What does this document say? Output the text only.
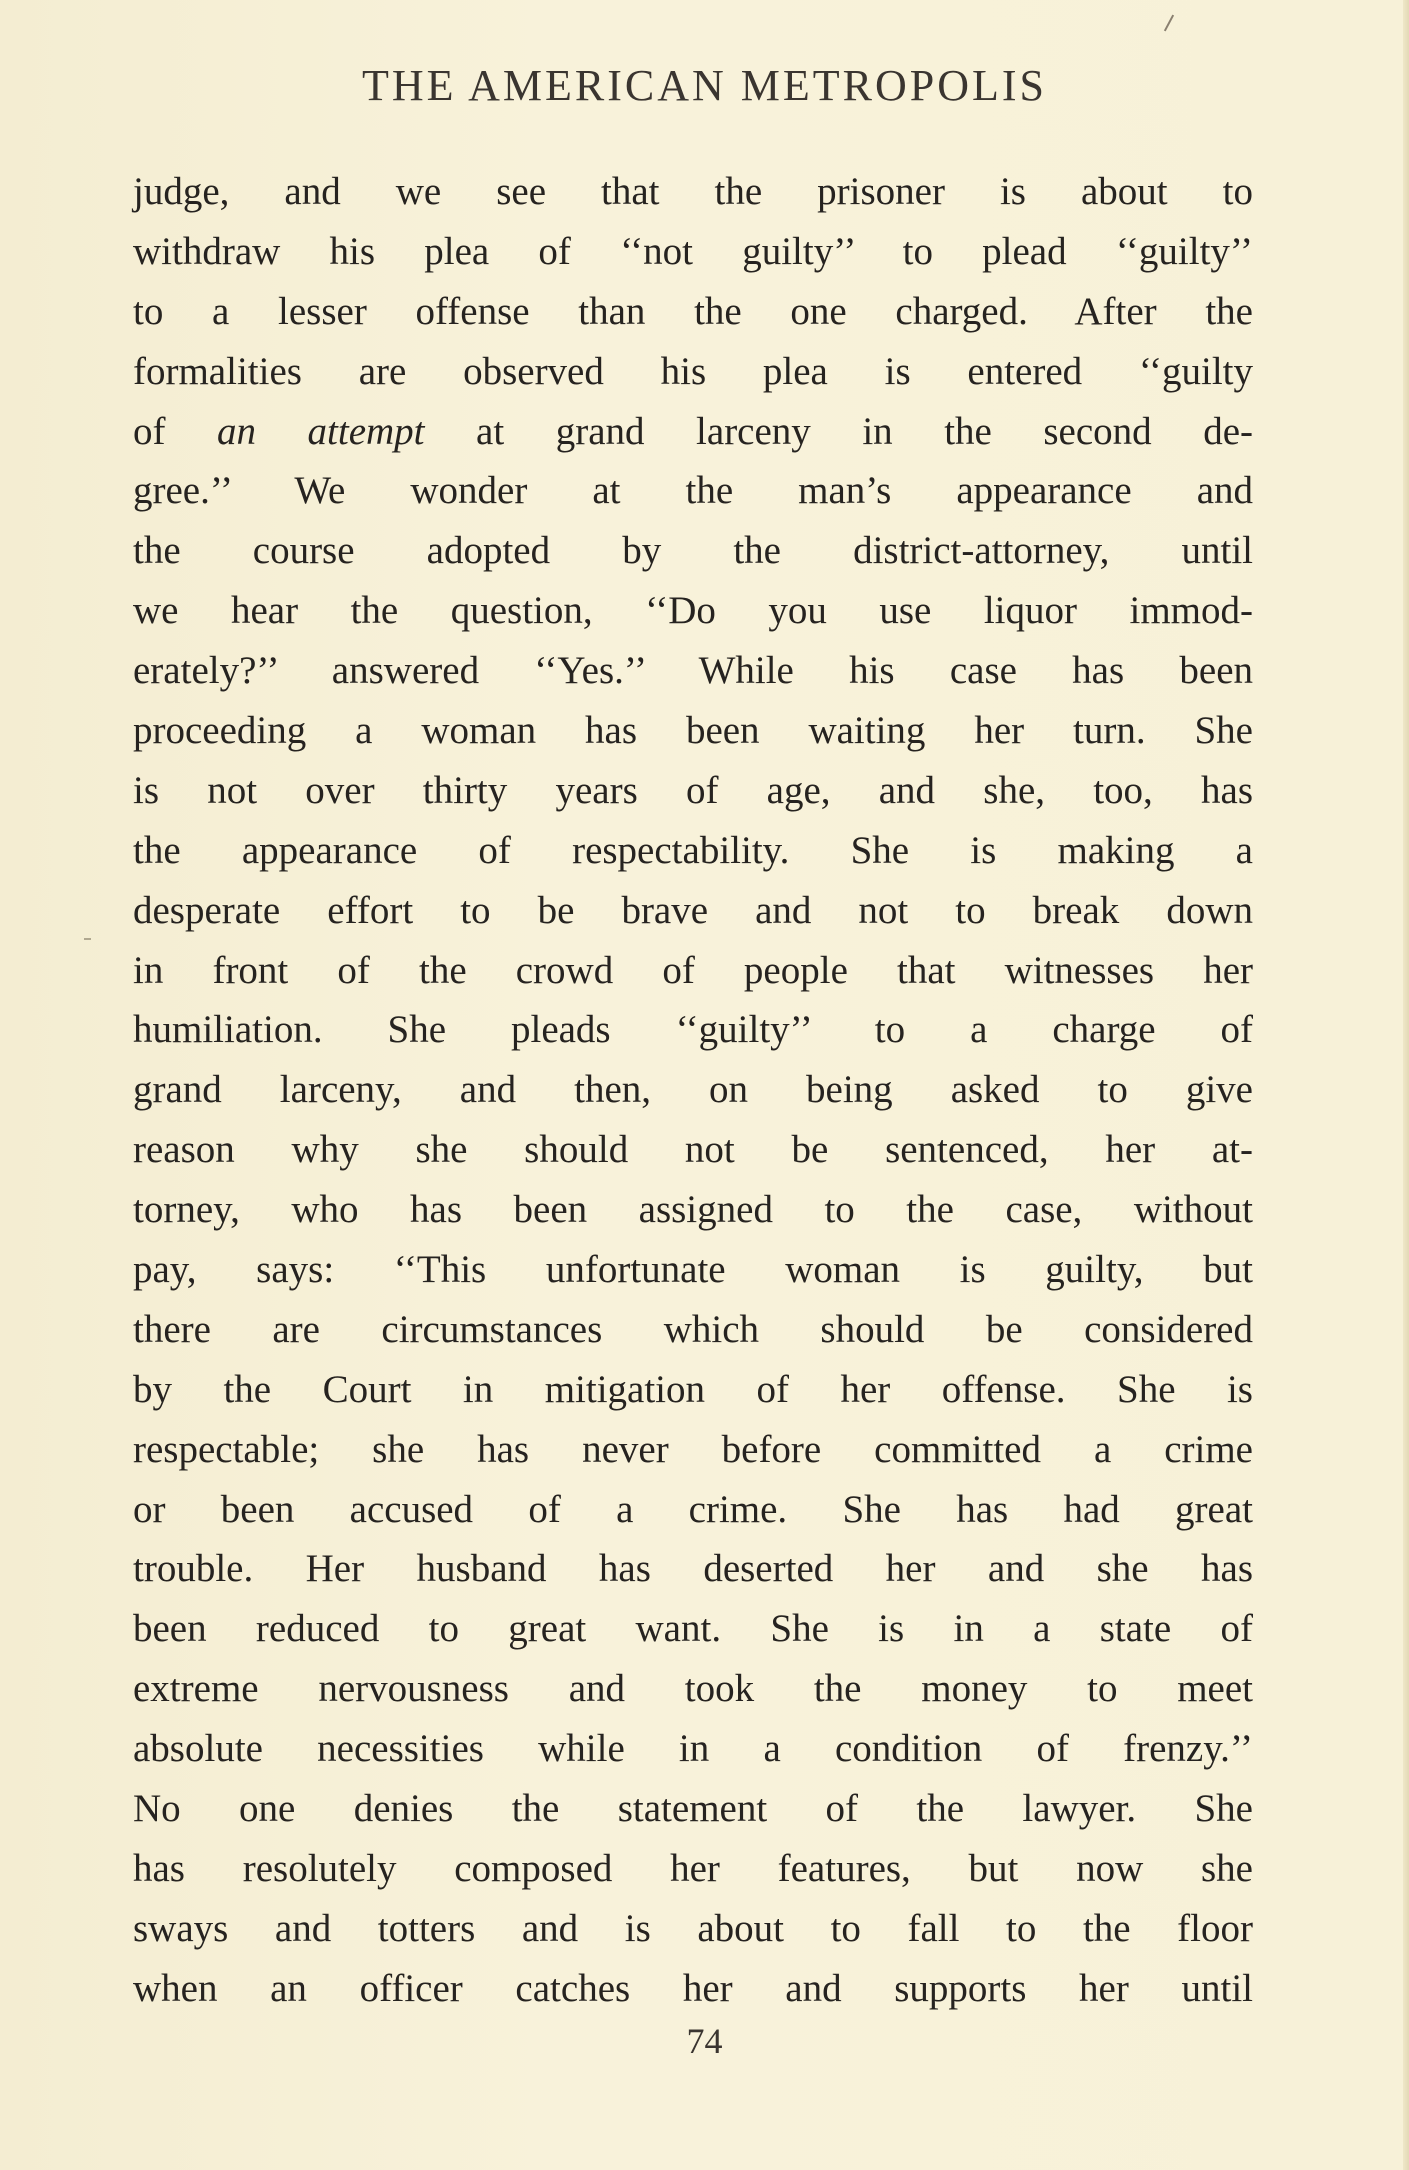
THE AMERICAN METROPOLIS
judge, and we see that the prisoner is about to
withdraw his plea of ‘‘not guilty’’ to plead ‘‘guilty’’
to a lesser offense than the one charged. After the
formalities are observed his plea is entered ‘‘guilty
of an attempt at grand larceny in the second de-
gree.’’ We wonder at the man’s appearance and
the course adopted by the district-attorney, until
we hear the question, ‘‘Do you use liquor immod-
erately?’’ answered ‘‘Yes.’’ While his case has been
proceeding a woman has been waiting her turn. She
is not over thirty years of age, and she, too, has
the appearance of respectability. She is making a
desperate effort to be brave and not to break down
in front of the crowd of people that witnesses her
humiliation. She pleads ‘‘guilty’’ to a charge of
grand larceny, and then, on being asked to give
reason why she should not be sentenced, her at-
torney, who has been assigned to the case, without
pay, says: ‘‘This unfortunate woman is guilty, but
there are circumstances which should be considered
by the Court in mitigation of her offense. She is
respectable; she has never before committed a crime
or been accused of a crime. She has had great
trouble. Her husband has deserted her and she has
been reduced to great want. She is in a state of
extreme nervousness and took the money to meet
absolute necessities while in a condition of frenzy.’’
No one denies the statement of the lawyer. She
has resolutely composed her features, but now she
sways and totters and is about to fall to the floor
when an officer catches her and supports her until
74
